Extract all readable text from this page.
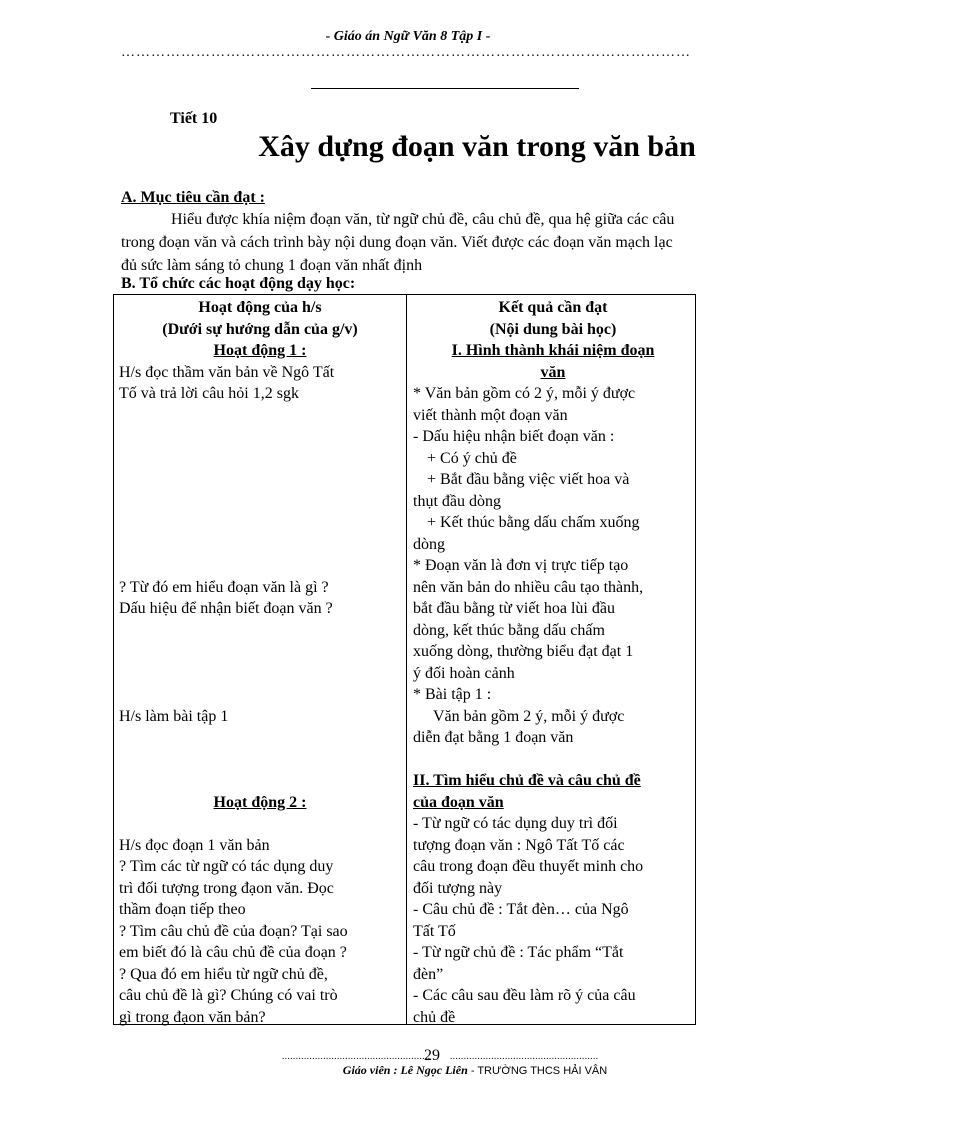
- Giáo án Ngữ Văn 8 Tập I -
……………………………………………………………………………………………………
Tiết 10
Xây dựng đoạn văn trong văn bản
A. Mục tiêu cần đạt :
Hiểu được khía niệm đoạn văn, từ ngữ chủ đề, câu chủ đề, qua hệ giữa các câu
trong đoạn văn và cách trình bày nội dung đoạn văn. Viết được các đoạn văn mạch lạc
đủ sức làm sáng tỏ chung 1 đoạn văn nhất định
B. Tổ chức các hoạt động dạy học:
Hoạt động của h/s
(Dưới sự hướng dẫn của g/v)
Hoạt động 1 :
H/s đọc thầm văn bản về Ngô Tất
Tố và trả lời câu hỏi 1,2 sgk
? Từ đó em hiểu đoạn văn là gì ?
Dấu hiệu để nhận biết đoạn văn ?
H/s làm bài tập 1
Hoạt động 2 :
H/s đọc đoạn 1 văn bản
? Tìm các từ ngữ có tác dụng duy
trì đối tượng trong đạon văn. Đọc
thầm đoạn tiếp theo
? Tìm câu chủ đề của đoạn? Tại sao
em biết đó là câu chủ đề của đoạn ?
? Qua đó em hiểu từ ngữ chủ đề,
câu chủ đề là gì? Chúng có vai trò
gì trong đạon văn bản?
Kết quả cần đạt
(Nội dung bài học)
I. Hình thành khái niệm đoạn
văn
* Văn bản gồm có 2 ý, mỗi ý được
viết thành một đoạn văn
- Dấu hiệu nhận biết đoạn văn :
+ Có ý chủ đề
+ Bắt đầu bằng việc viết hoa và
thụt đầu dòng
+ Kết thúc bằng dấu chấm xuống
dòng
* Đoạn văn là đơn vị trực tiếp tạo
nên văn bản do nhiều câu tạo thành,
bắt đầu bằng từ viết hoa lùi đầu
dòng, kết thúc bằng dấu chấm
xuống dòng, thường biểu đạt đạt 1
ý đối hoàn cảnh
* Bài tập 1 :
Văn bản gồm 2 ý, mỗi ý được
diễn đạt bằng 1 đoạn văn
II. Tìm hiểu chủ đề và câu chủ đề
của đoạn văn
- Từ ngữ có tác dụng duy trì đối
tượng đoạn văn : Ngô Tất Tố các
câu trong đoạn đều thuyết minh cho
đối tượng này
- Câu chủ đề : Tắt đèn… của Ngô
Tất Tố
- Từ ngữ chủ đề : Tác phẩm “Tắt
đèn”
- Các câu sau đều làm rõ ý của câu
chủ đề
......................................................
29 ......................................................
Giáo viên : Lê Ngọc Liên - TRƯỜNG THCS HẢI VÂN
